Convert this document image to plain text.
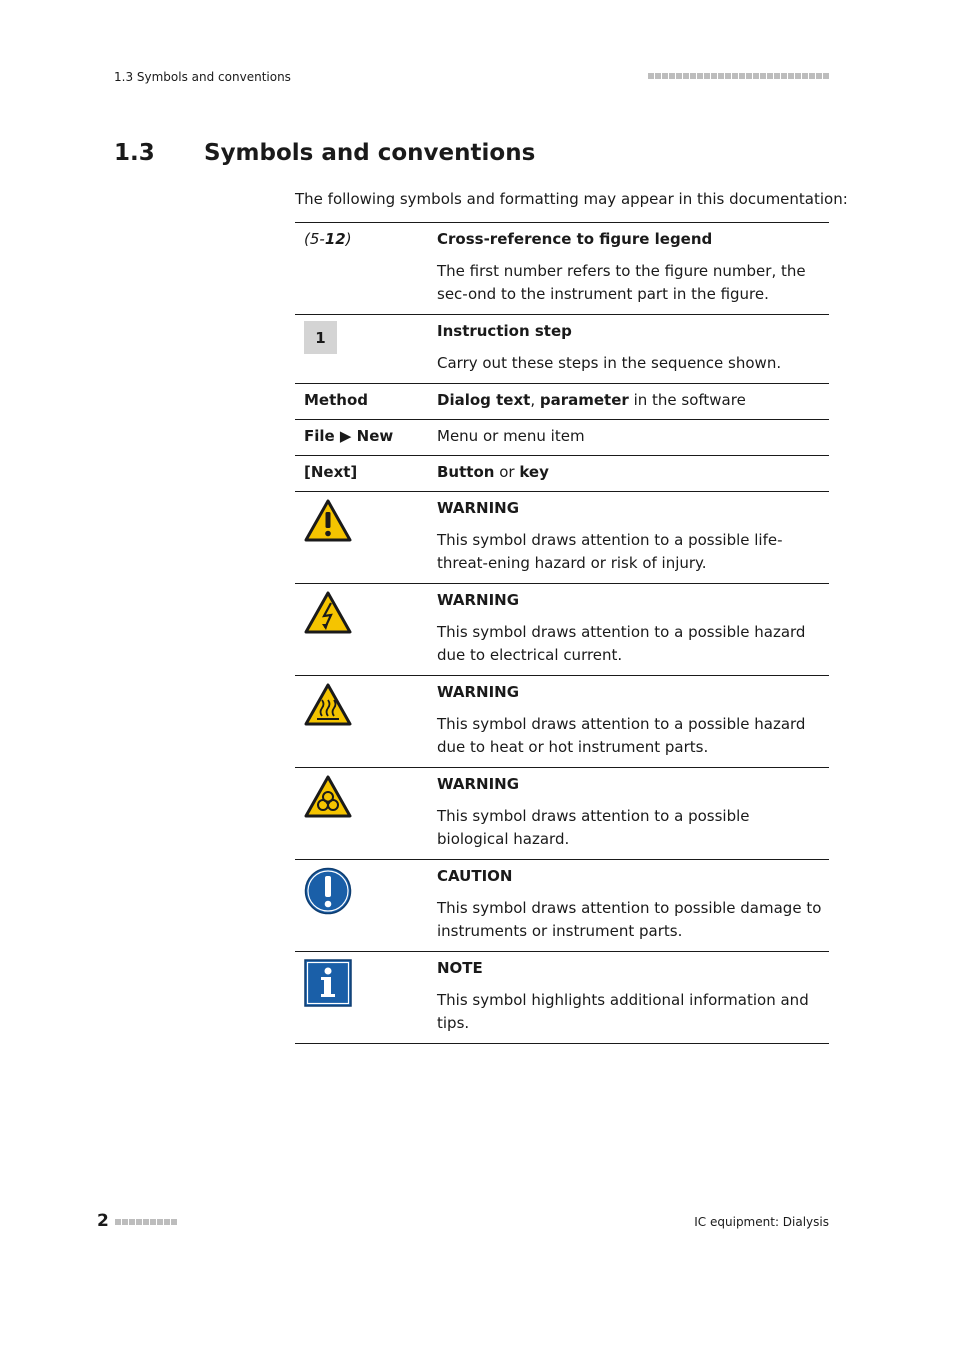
1.3 Symbols and conventions
1.3	Symbols and conventions
The following symbols and formatting may appear in this documentation:
(5-12)	Cross-reference to figure legend
The first number refers to the figure number, the sec-ond to the instrument part in the figure.
1	Instruction step
Carry out these steps in the sequence shown.
Method	Dialog text, parameter in the software
File ▶ New	Menu or menu item
[Next]	Button or key
WARNING
This symbol draws attention to a possible life-threat-ening hazard or risk of injury.
WARNING
This symbol draws attention to a possible hazard due to electrical current.
WARNING
This symbol draws attention to a possible hazard due to heat or hot instrument parts.
WARNING
This symbol draws attention to a possible biological hazard.
CAUTION
This symbol draws attention to possible damage to instruments or instrument parts.
NOTE
This symbol highlights additional information and tips.
2	IC equipment: Dialysis
